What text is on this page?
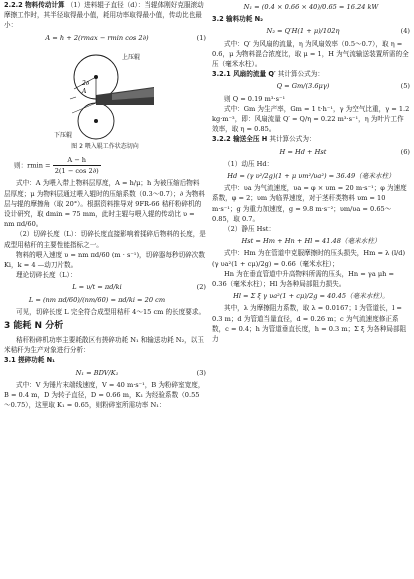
2.2.2 物料传动计算 （1）进料辊子直径（d）：当辊体刚好克服滚动摩擦工作时，其半径取得最小值，耗用功率取得最小值，传动比也最小：

A = h + 2(rmax − rmin cos 2∂)	(1)
上压辊
2∂
A
下压辊
图 2 喂入辊工作状态切向
则：$rmin = \frac{A - h}{2(1 - \cos 2\partial)}$

式中：A 为喂入带上物料层厚度，A = h/μ；h 为被压缩后物料层厚度；μ 为物料层通过喂入辊时的压缩系数（0.3～0.7）；∂ 为物料层与辊的摩擦角（取 20°）。根据资料推导对 9FR-66 秸秆粉碎机的设计研究，取 dmin = 75 mm，此时主辊与喂入辊的传动比 υ = nm πd/60。

（2）切碎长度（L）：切碎长度直接影响着揉碎后物料的长度，是成型用秸秆的主要性能指标之一。

物料的喂入速度 υ = nm πd/60 (m · s⁻¹)，切碎器每秒切碎次数 Ki，k = 4 —动刀片数。

理论切碎长度（L）：

L = υ/t = πd/ki	(2)
L = (nm πd/60)/(nm/60) = πd/ki = 20 cm

可见，切碎长度 L 完全符合成型用秸秆 4～15 cm 的长度要求。

3 能耗 N 分析

秸秆粉碎机功率主要耗散区有搓碎功耗 N₁ 和输送功耗 N₂，以玉米秸秆为生产对象进行分析：

3.1 搓碎功耗 N₁
N₁ = BDV/K₁	(3)

式中：V 为锤片末端线速度，V = 40 m·s⁻¹，B 为粉碎室宽度，B = 0.4 m，D 为转子直径，D = 0.66 m，K₁ 为经验系数（0.55～0.75），这里取 K₁ = 0.65，则粉碎室所需功率 N₁：

N₁ = (0.4 × 0.66 × 40)/0.65 = 16.24 kW
3.2 输料功耗 N₂
N₂ = Q′H(1 + μ)/102η	(4)

式中：Q′ 为风扇的流量，η 为风扇效率（0.5～0.7），取 η = 0.6，μ 为物料混合浓度比，取 μ = 1，H 为气流输送装置所需的全压（毫米水柱）。

3.2.1 风扇的流量 Q′ 其计算公式为：

Q = Gm/(3.6μγ)	(5)

则 Q = 0.19 m³·s⁻¹

式中：Gm 为生产率，Gm = 1 t·h⁻¹，γ 为空气比重，γ = 1.2 kg·m⁻³，即：风扇流量 Q′ = Q/η = 0.22 m³·s⁻¹，η 为叶片工作效率，取 η = 0.85。

3.2.2 输送全压 H 其计算公式为：

H = Hd + Hst	(6)

（1）动压 Hd：

Hd = (γ υ²/2g)(1 + μ υm²/υa²) = 36.49（毫米水柱）

式中：υa 为气流速度，υa = φ × υm = 20 m·s⁻¹；φ 为速度系数，φ = 2；υm 为临界速度，对于茎秆类物料 υm = 10 m·s⁻¹；g 为重力加速度，g = 9.8 m·s⁻²；υm/υa = 0.65～0.85，取 0.7。

（2）静压 Hst：

Hst = Hm + Hn + Hl = 41.48（毫米水柱）

式中：Hm 为在管道中克服摩擦时的压头损失，Hm = λ (l/d) (γ υa²(1 + cμ)/2g) = 0.66（毫米水柱）；

Hn 为在垂直管道中升高物料所需的压头，Hn = γa μh = 0.36（毫米水柱）；Hl 为各种局部阻力损失。

Hl = Σ ξ γ υa²(1 + cμ)/2g = 40.45（毫米水柱）。

其中，λ 为摩擦阻力系数，取 λ = 0.0167；l 为管道长，l = 0.3 m；d 为管道当量直径，d = 0.26 m；c 为气流速度修正系数，c = 0.4；h 为管道垂直长度，h = 0.3 m；Σ ξ 为各种局部阻力
